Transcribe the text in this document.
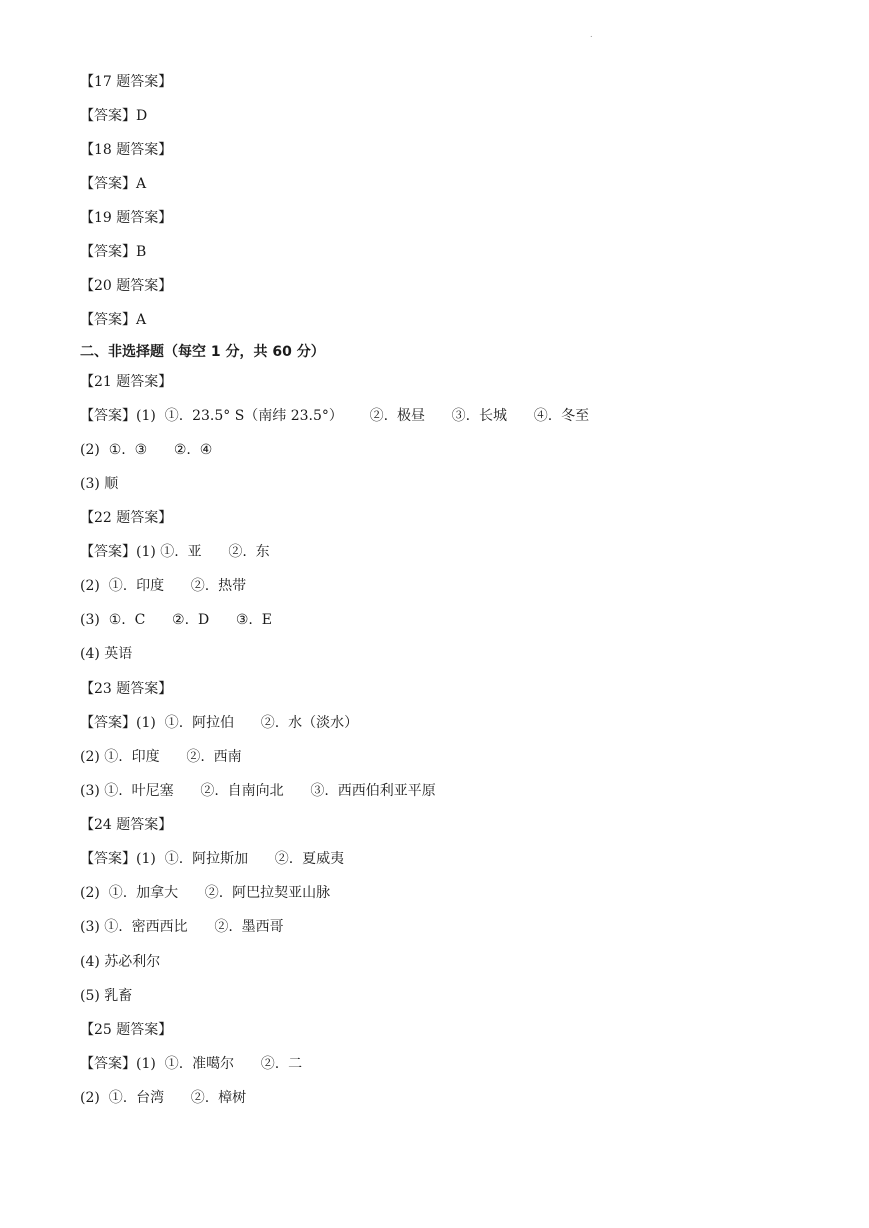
.
【17 题答案】
【答案】D
【18 题答案】
【答案】A
【19 题答案】
【答案】B
【20 题答案】
【答案】A
二、非选择题（每空 1 分，共 60 分）
【21 题答案】
【答案】(1)  ①.  23.5° S（南纬 23.5°）      ②.  极昼      ③.  长城      ④.  冬至
(2)  ①.  ③      ②.  ④
(3) 顺
【22 题答案】
【答案】(1) ①.  亚      ②.  东
(2)  ①.  印度      ②.  热带
(3)  ①.  C      ②.  D      ③.  E
(4) 英语
【23 题答案】
【答案】(1)  ①.  阿拉伯      ②.  水（淡水）
(2) ①.  印度      ②.  西南
(3) ①.  叶尼塞      ②.  自南向北      ③.  西西伯利亚平原
【24 题答案】
【答案】(1)  ①.  阿拉斯加      ②.  夏威夷
(2)  ①.  加拿大      ②.  阿巴拉契亚山脉
(3) ①.  密西西比      ②.  墨西哥
(4) 苏必利尔
(5) 乳畜
【25 题答案】
【答案】(1)  ①.  准噶尔      ②.  二
(2)  ①.  台湾      ②.  樟树
